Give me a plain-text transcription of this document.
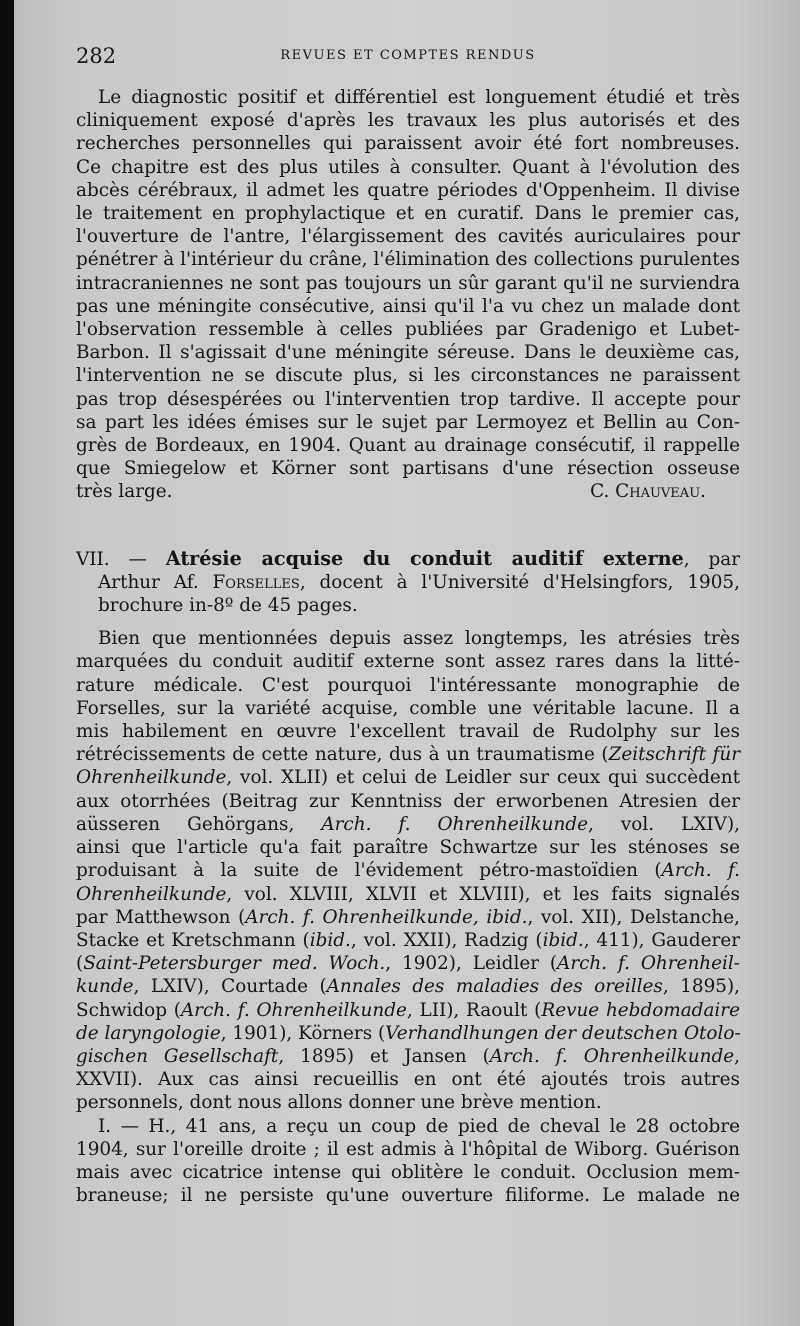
282	REVUES ET COMPTES RENDUS
Le diagnostic positif et différentiel est longuement étudié et très
cliniquement exposé d'après les travaux les plus autorisés et des
recherches personnelles qui paraissent avoir été fort nombreuses.
Ce chapitre est des plus utiles à consulter. Quant à l'évolution des
abcès cérébraux, il admet les quatre périodes d'Oppenheim. Il divise
le traitement en prophylactique et en curatif. Dans le premier cas,
l'ouverture de l'antre, l'élargissement des cavités auriculaires pour
pénétrer à l'intérieur du crâne, l'élimination des collections purulentes
intracraniennes ne sont pas toujours un sûr garant qu'il ne surviendra
pas une méningite consécutive, ainsi qu'il l'a vu chez un malade dont
l'observation ressemble à celles publiées par Gradenigo et Lubet-
Barbon. Il s'agissait d'une méningite séreuse. Dans le deuxième cas,
l'intervention ne se discute plus, si les circonstances ne paraissent
pas trop désespérées ou l'interventien trop tardive. Il accepte pour
sa part les idées émises sur le sujet par Lermoyez et Bellin au Con-
grès de Bordeaux, en 1904. Quant au drainage consécutif, il rappelle
que Smiegelow et Körner sont partisans d'une résection osseuse
très large.	C. Chauveau.
VII. — Atrésie acquise du conduit auditif externe, par
Arthur Af. Forselles, docent à l'Université d'Helsingfors, 1905,
brochure in-8º de 45 pages.
Bien que mentionnées depuis assez longtemps, les atrésies très
marquées du conduit auditif externe sont assez rares dans la litté-
rature médicale. C'est pourquoi l'intéressante monographie de
Forselles, sur la variété acquise, comble une véritable lacune. Il a
mis habilement en œuvre l'excellent travail de Rudolphy sur les
rétrécissements de cette nature, dus à un traumatisme (Zeitschrift für
Ohrenheilkunde, vol. XLII) et celui de Leidler sur ceux qui succèdent
aux otorrhées (Beitrag zur Kenntniss der erworbenen Atresien der
aüsseren Gehörgans, Arch. f. Ohrenheilkunde, vol. LXIV),
ainsi que l'article qu'a fait paraître Schwartze sur les sténoses se
produisant à la suite de l'évidement pétro-mastoïdien (Arch. f.
Ohrenheilkunde, vol. XLVIII, XLVII et XLVIII), et les faits signalés
par Matthewson (Arch. f. Ohrenheilkunde, ibid., vol. XII), Delstanche,
Stacke et Kretschmann (ibid., vol. XXII), Radzig (ibid., 411), Gauderer
(Saint-Petersburger med. Woch., 1902), Leidler (Arch. f. Ohrenheil-
kunde, LXIV), Courtade (Annales des maladies des oreilles, 1895),
Schwidop (Arch. f. Ohrenheilkunde, LII), Raoult (Revue hebdomadaire
de laryngologie, 1901), Körners (Verhandlhungen der deutschen Otolo-
gischen Gesellschaft, 1895) et Jansen (Arch. f. Ohrenheilkunde,
XXVII). Aux cas ainsi recueillis en ont été ajoutés trois autres
personnels, dont nous allons donner une brève mention.
I. — H., 41 ans, a reçu un coup de pied de cheval le 28 octobre
1904, sur l'oreille droite ; il est admis à l'hôpital de Wiborg. Guérison
mais avec cicatrice intense qui oblitère le conduit. Occlusion mem-
braneuse; il ne persiste qu'une ouverture filiforme. Le malade ne
